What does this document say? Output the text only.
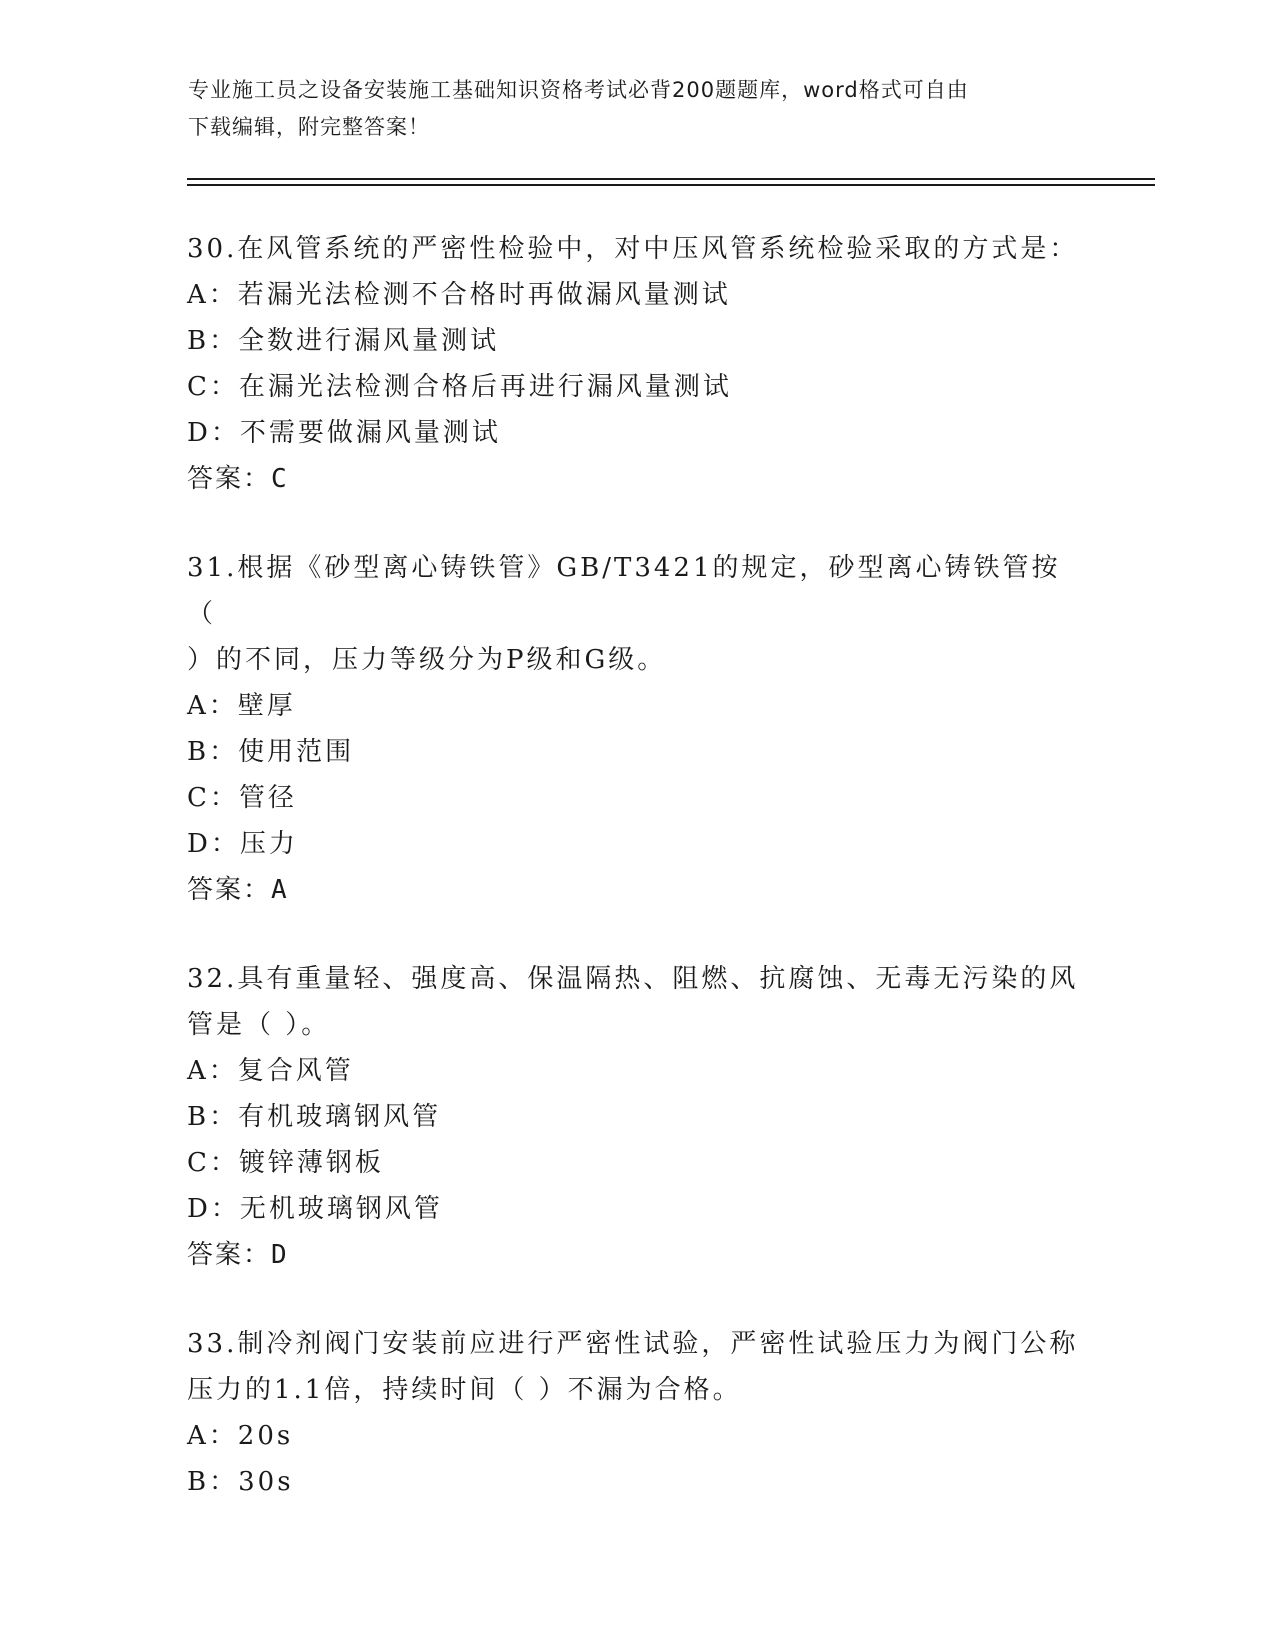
专业施工员之设备安装施工基础知识资格考试必背200题题库，word格式可自由
下载编辑，附完整答案！
30.在风管系统的严密性检验中，对中压风管系统检验采取的方式是：
A：若漏光法检测不合格时再做漏风量测试
B：全数进行漏风量测试
C：在漏光法检测合格后再进行漏风量测试
D：不需要做漏风量测试
答案：C
31.根据《砂型离心铸铁管》GB/T3421的规定，砂型离心铸铁管按（
）的不同，压力等级分为P级和G级。
A：壁厚
B：使用范围
C：管径
D：压力
答案：A
32.具有重量轻、强度高、保温隔热、阻燃、抗腐蚀、无毒无污染的风
管是（ ）。
A：复合风管
B：有机玻璃钢风管
C：镀锌薄钢板
D：无机玻璃钢风管
答案：D
33.制冷剂阀门安装前应进行严密性试验，严密性试验压力为阀门公称
压力的1.1倍，持续时间（ ）不漏为合格。
A：20s
B：30s
